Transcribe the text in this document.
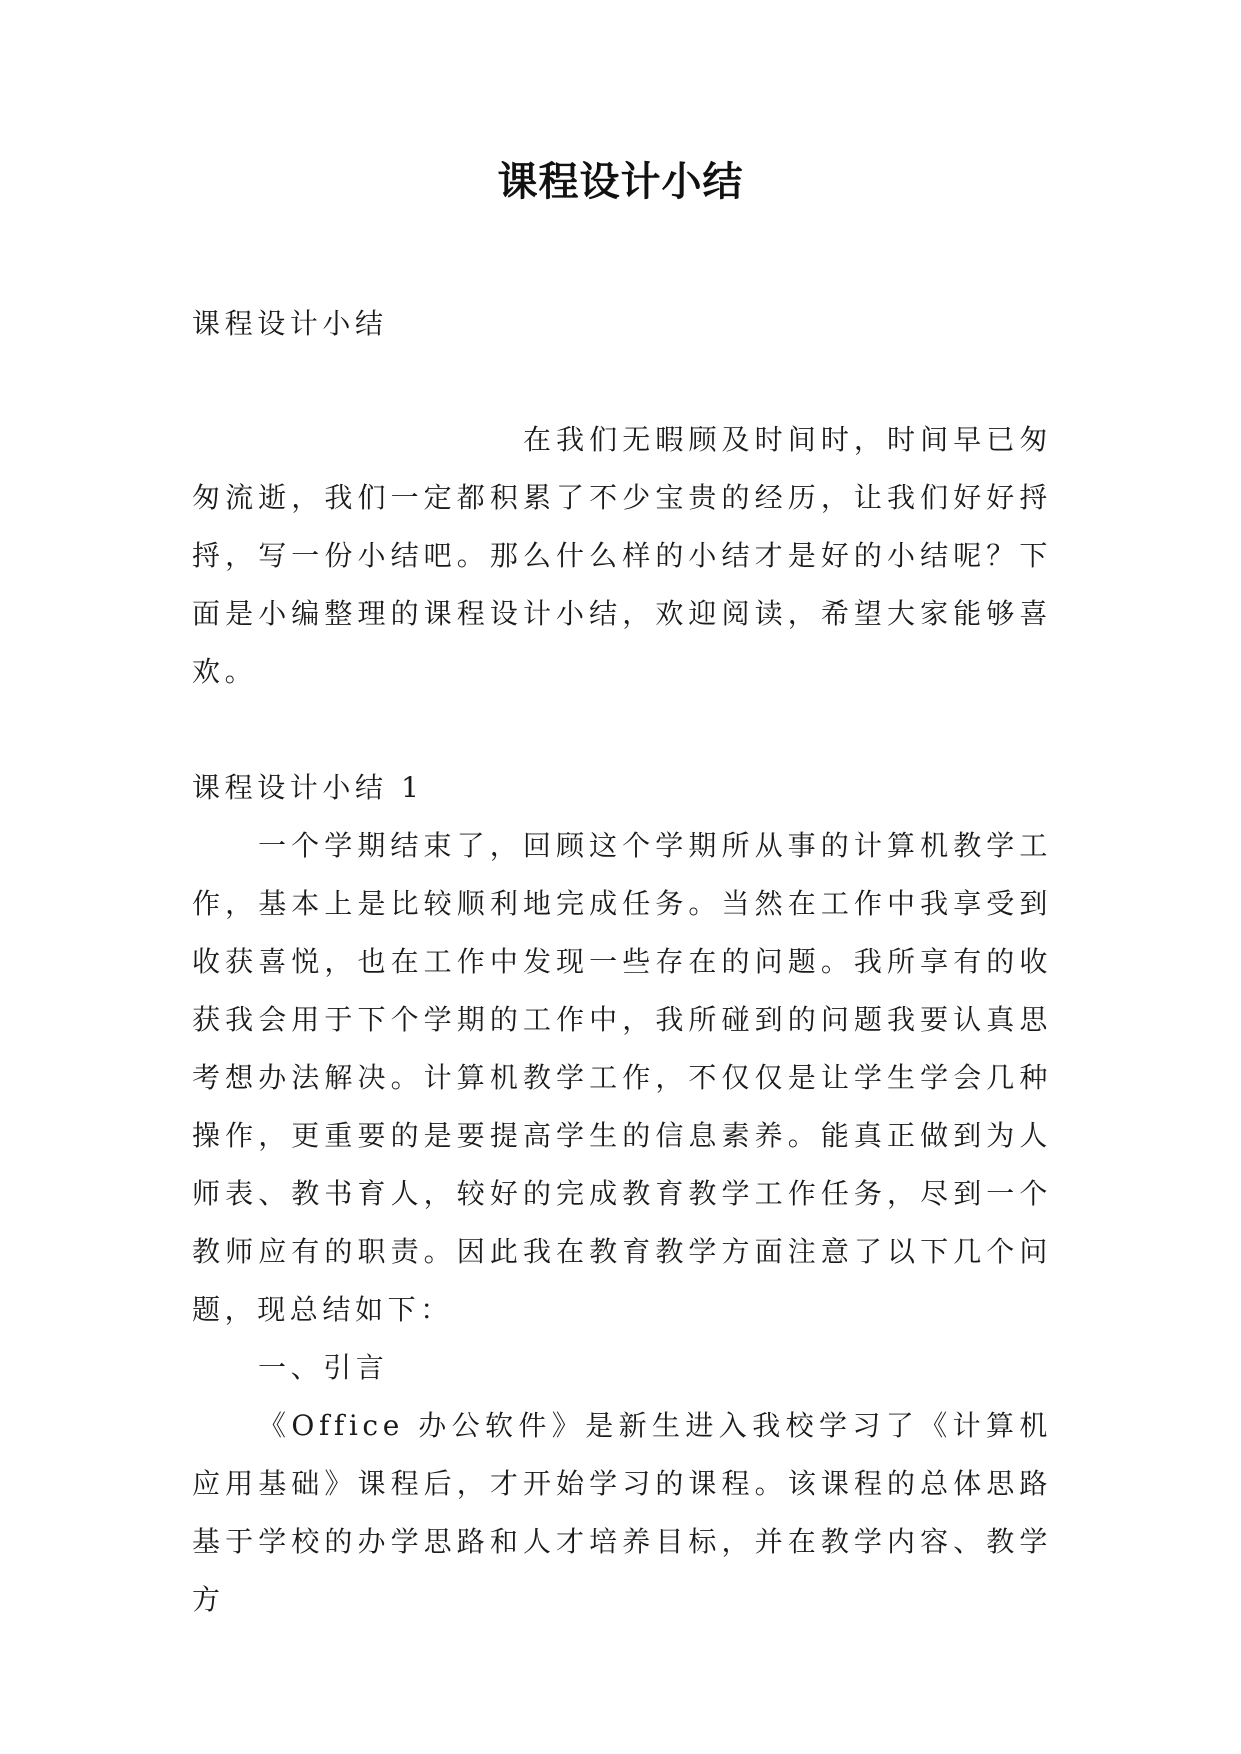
课程设计小结

课程设计小结

在我们无暇顾及时间时，时间早已匆匆流逝，我们一定都积累了不少宝贵的经历，让我们好好捋捋，写一份小结吧。那么什么样的小结才是好的小结呢？下面是小编整理的课程设计小结，欢迎阅读，希望大家能够喜欢。

课程设计小结 1

一个学期结束了，回顾这个学期所从事的计算机教学工作，基本上是比较顺利地完成任务。当然在工作中我享受到收获喜悦，也在工作中发现一些存在的问题。我所享有的收获我会用于下个学期的工作中，我所碰到的问题我要认真思考想办法解决。计算机教学工作，不仅仅是让学生学会几种操作，更重要的是要提高学生的信息素养。能真正做到为人师表、教书育人，较好的完成教育教学工作任务，尽到一个教师应有的职责。因此我在教育教学方面注意了以下几个问题，现总结如下：

一、引言

《Office 办公软件》是新生进入我校学习了《计算机应用基础》课程后，才开始学习的课程。该课程的总体思路基于学校的办学思路和人才培养目标，并在教学内容、教学方
